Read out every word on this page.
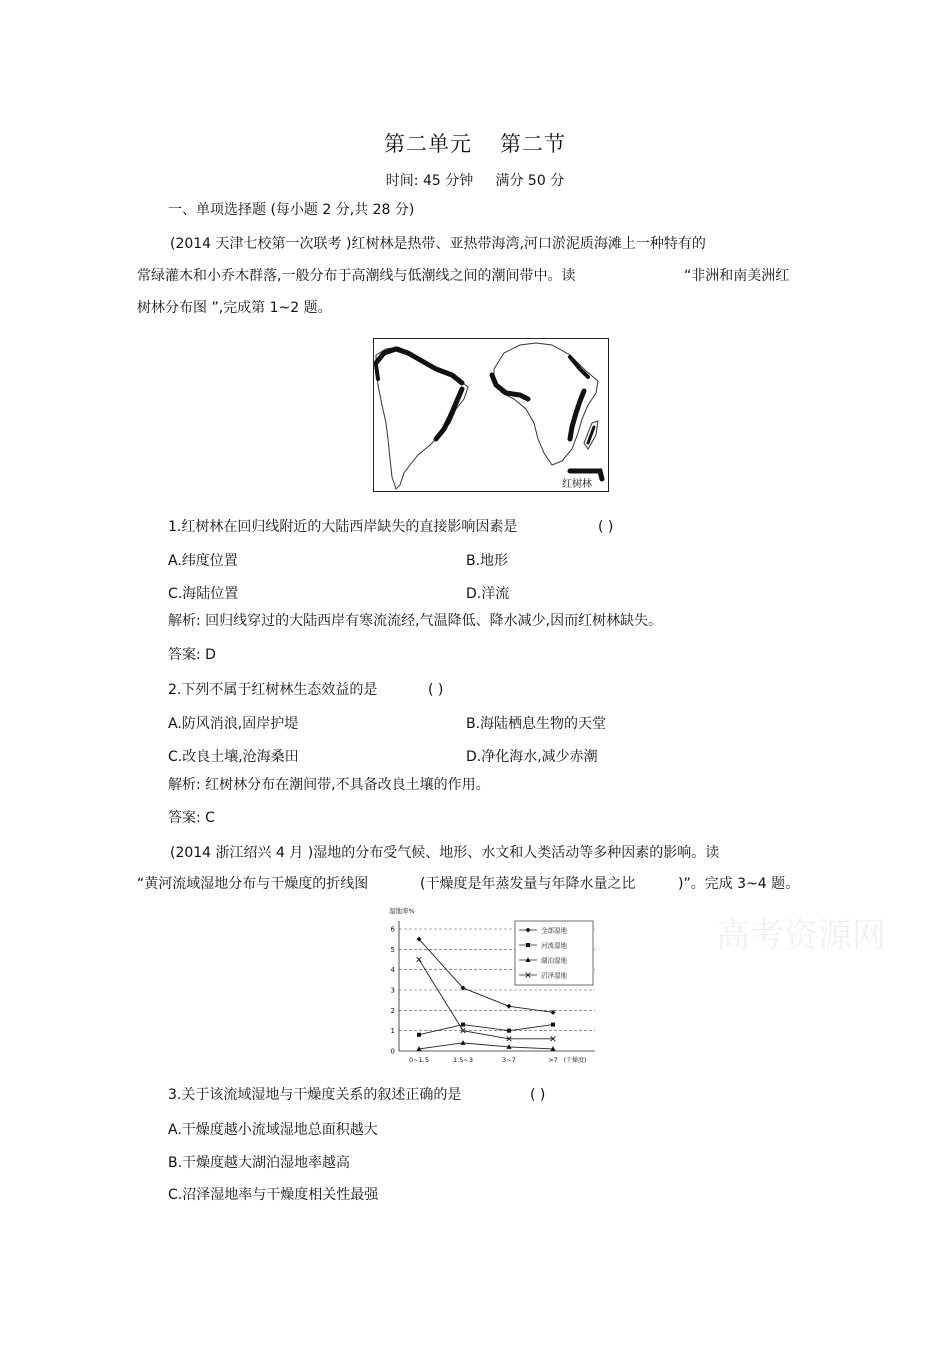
第二单元 第二节
时间: 45 分钟 满分 50 分
一、单项选择题 (每小题 2 分,共 28 分)
(2014 天津七校第一次联考 )红树林是热带、亚热带海湾,河口淤泥质海滩上一种特有的
常绿灌木和小乔木群落,一般分布于高潮线与低潮线之间的潮间带中。读	“非洲和南美洲红
树林分布图 ”,完成第 1~2 题。
红树林
1.红树林在回归线附近的大陆西岸缺失的直接影响因素是	( )
A.纬度位置	B.地形
C.海陆位置	D.洋流
解析: 回归线穿过的大陆西岸有寒流流经,气温降低、降水减少,因而红树林缺失。
答案: D
2.下列不属于红树林生态效益的是	( )
A.防风消浪,固岸护堤	B.海陆栖息生物的天堂
C.改良土壤,沧海桑田	D.净化海水,减少赤潮
解析: 红树林分布在潮间带,不具备改良土壤的作用。
答案: C
(2014 浙江绍兴 4 月 )湿地的分布受气候、地形、水文和人类活动等多种因素的影响。读
“黄河流域湿地分布与干燥度的折线图	(干燥度是年蒸发量与年降水量之比	)”。完成 3~4 题。
高考资源网
湿地率%
0
1
2
3
4
5
6
0~1.5	1.5~3	3~7	>7 (干燥度)
全部湿地
河流湿地
湖泊湿地
沼泽湿地
3.关于该流域湿地与干燥度关系的叙述正确的是	( )
A.干燥度越小流域湿地总面积越大
B.干燥度越大湖泊湿地率越高
C.沼泽湿地率与干燥度相关性最强
